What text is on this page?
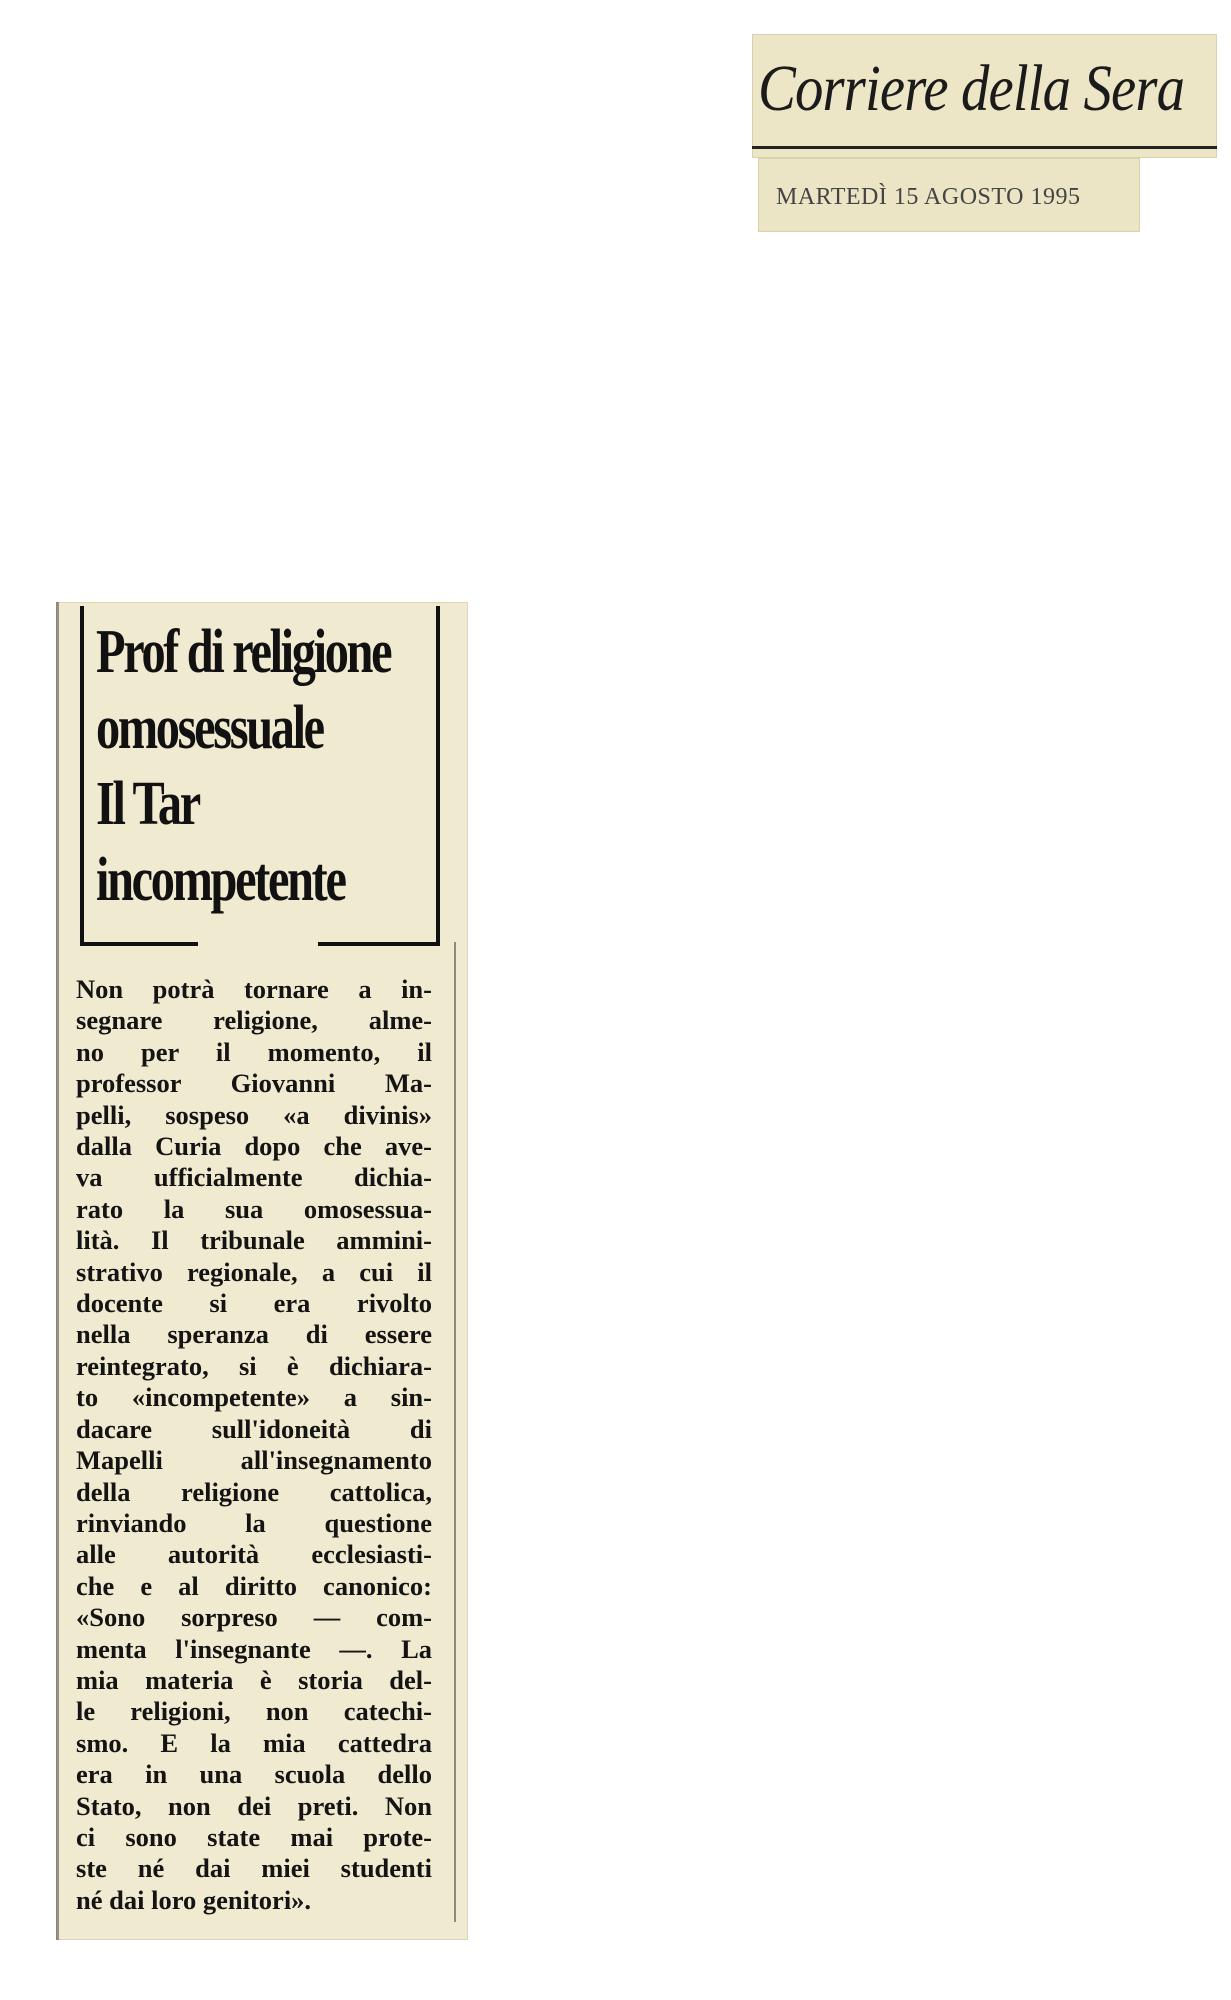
Corriere della Sera
MARTEDÌ 15 AGOSTO 1995
Prof di religione
omosessuale
Il Tar
incompetente
Non potrà tornare a in-
segnare religione, alme-
no per il momento, il
professor Giovanni Ma-
pelli, sospeso «a divinis»
dalla Curia dopo che ave-
va ufficialmente dichia-
rato la sua omosessua-
lità. Il tribunale ammini-
strativo regionale, a cui il
docente si era rivolto
nella speranza di essere
reintegrato, si è dichiara-
to «incompetente» a sin-
dacare sull'idoneità di
Mapelli all'insegnamento
della religione cattolica,
rinviando la questione
alle autorità ecclesiasti-
che e al diritto canonico:
«Sono sorpreso — com-
menta l'insegnante —. La
mia materia è storia del-
le religioni, non catechi-
smo. E la mia cattedra
era in una scuola dello
Stato, non dei preti. Non
ci sono state mai prote-
ste né dai miei studenti
né dai loro genitori».
